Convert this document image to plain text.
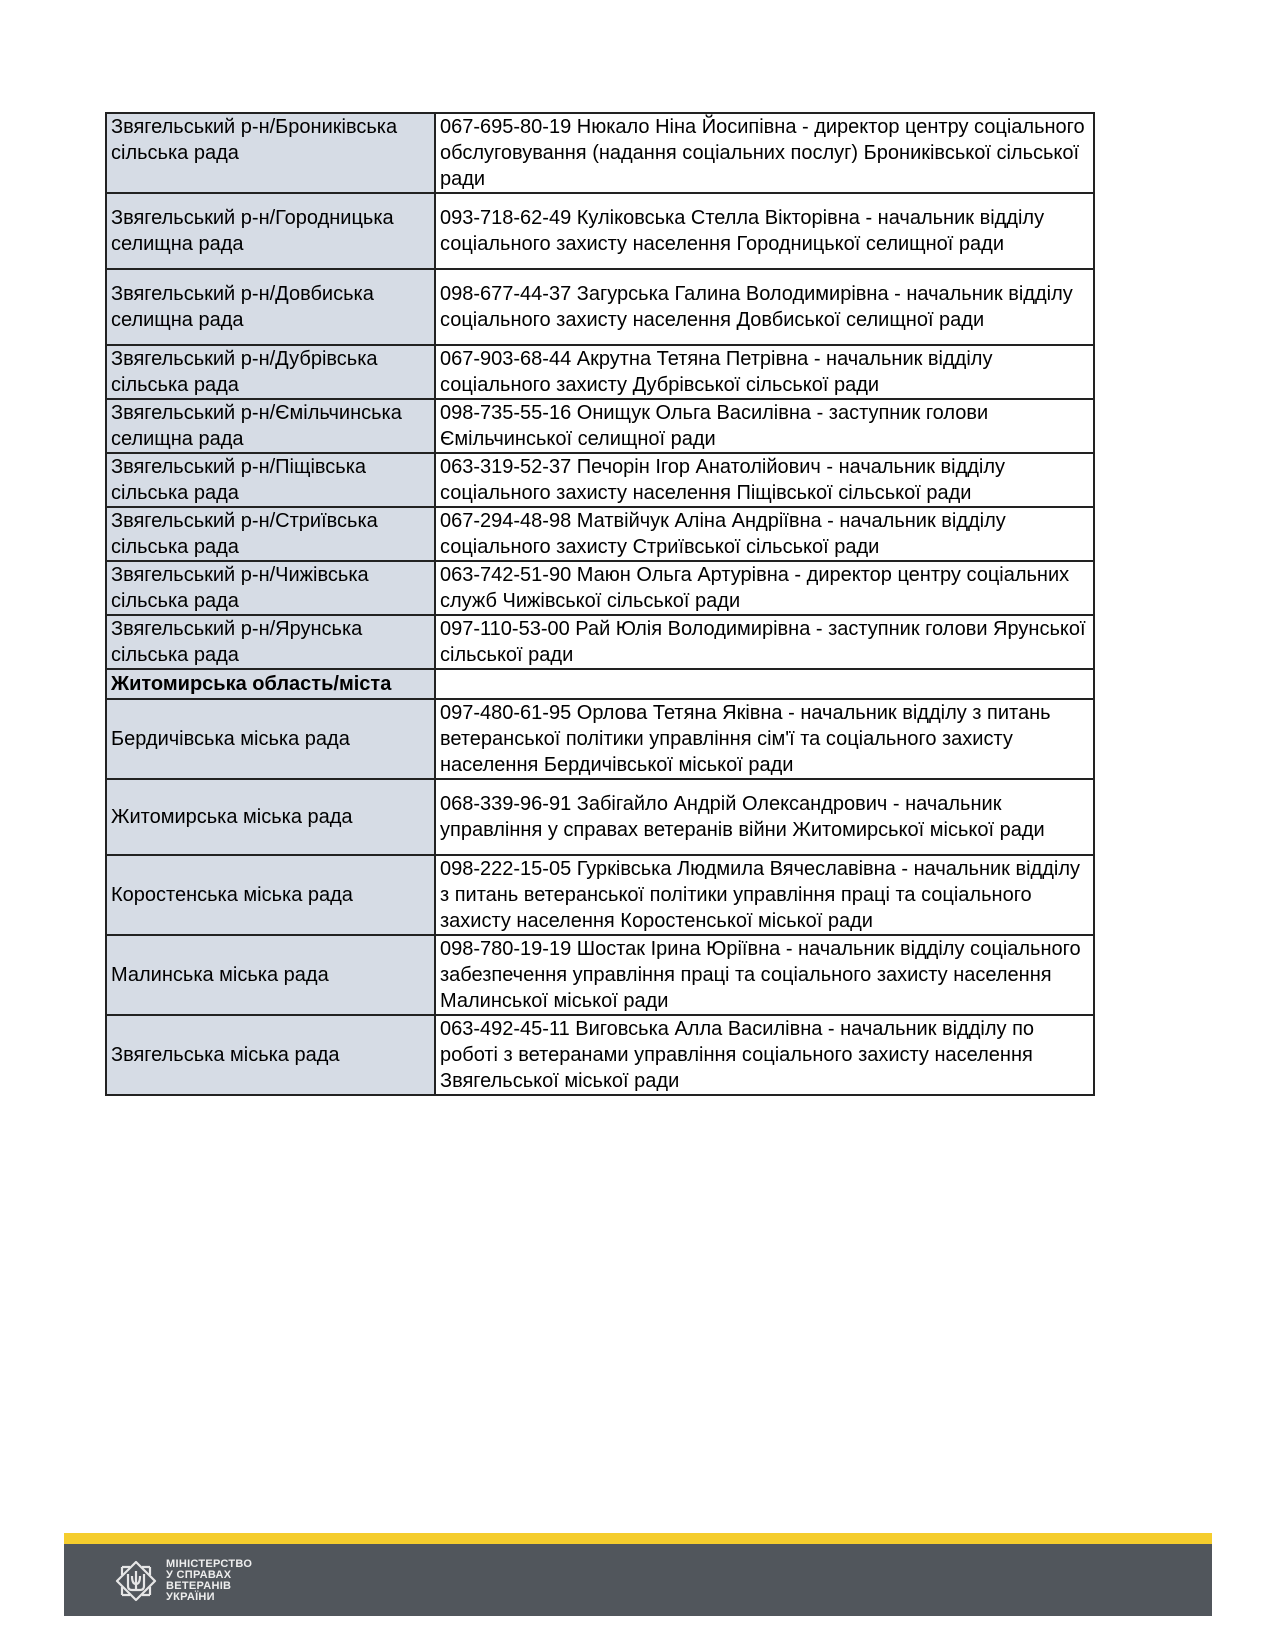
Звягельський р-н/Брониківська сільська рада	067-695-80-19 Нюкало Ніна Йосипівна - директор центру соціального обслуговування (надання соціальних послуг) Брониківської сільської ради
Звягельський р-н/Городницька селищна рада	093-718-62-49 Куліковська Стелла Вікторівна - начальник відділу соціального захисту населення Городницької селищної ради
Звягельський р-н/Довбиська селищна рада	098-677-44-37 Загурська Галина Володимирівна - начальник відділу соціального захисту населення Довбиської селищної ради
Звягельський р-н/Дубрівська сільська рада	067-903-68-44 Акрутна Тетяна Петрівна - начальник відділу соціального захисту Дубрівської сільської ради
Звягельський р-н/Ємільчинська селищна рада	098-735-55-16 Онищук Ольга Василівна - заступник голови Ємільчинської селищної ради
Звягельський р-н/Піщівська сільська рада	063-319-52-37 Печорін Ігор Анатолійович - начальник відділу соціального захисту населення Піщівської сільської ради
Звягельський р-н/Стриївська сільська рада	067-294-48-98 Матвійчук Аліна Андріївна - начальник відділу соціального захисту Стриївської сільської ради
Звягельський р-н/Чижівська сільська рада	063-742-51-90 Маюн Ольга Артурівна - директор центру соціальних служб Чижівської сільської ради
Звягельський р-н/Ярунська сільська рада	097-110-53-00 Рай Юлія Володимирівна - заступник голови Ярунської сільської ради
Житомирська область/міста	
Бердичівська міська рада	097-480-61-95 Орлова Тетяна Яківна - начальник відділу з питань ветеранської політики управління сім'ї та соціального захисту населення Бердичівської міської ради
Житомирська міська рада	068-339-96-91 Забігайло Андрій Олександрович - начальник управління у справах ветеранів війни Житомирської міської ради
Коростенська міська рада	098-222-15-05 Гурківська Людмила Вячеславівна - начальник відділу з питань ветеранської політики управління праці та соціального захисту населення Коростенської міської ради
Малинська міська рада	098-780-19-19 Шостак Ірина Юріївна - начальник відділу соціального забезпечення управління праці та соціального захисту населення Малинської міської ради
Звягельська міська рада	063-492-45-11 Виговська Алла Василівна - начальник відділу по роботі з ветеранами управління соціального захисту населення Звягельської міської ради
МІНІСТЕРСТВО
У СПРАВАХ
ВЕТЕРАНІВ
УКРАЇНИ
